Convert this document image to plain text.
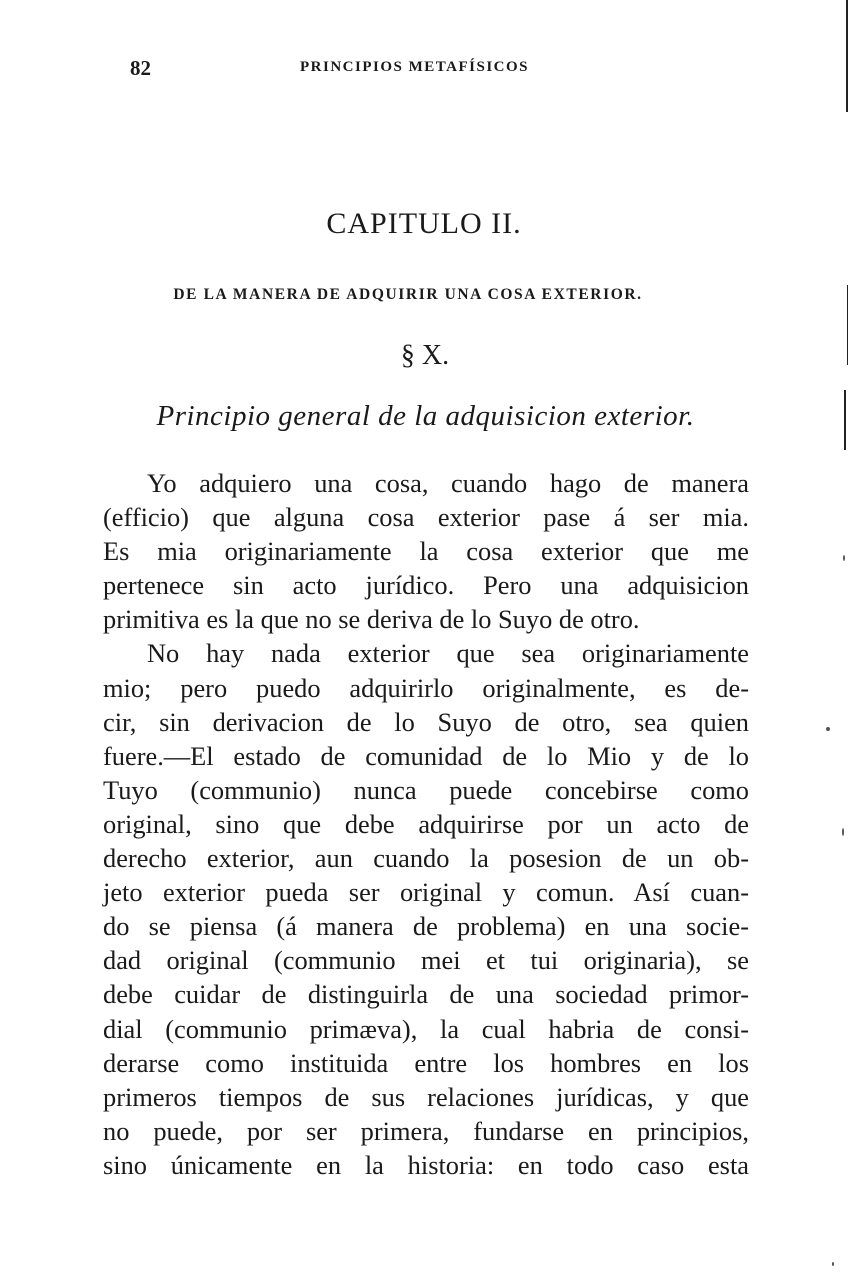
82	PRINCIPIOS METAFÍSICOS
CAPITULO II.
DE LA MANERA DE ADQUIRIR UNA COSA EXTERIOR.
§ X.
Principio general de la adquisicion exterior.
Yo adquiero una cosa, cuando hago de manera
(efficio) que alguna cosa exterior pase á ser mia.
Es mia originariamente la cosa exterior que me
pertenece sin acto jurídico. Pero una adquisicion
primitiva es la que no se deriva de lo Suyo de otro.
No hay nada exterior que sea originariamente
mio; pero puedo adquirirlo originalmente, es de-
cir, sin derivacion de lo Suyo de otro, sea quien
fuere.—El estado de comunidad de lo Mio y de lo
Tuyo (communio) nunca puede concebirse como
original, sino que debe adquirirse por un acto de
derecho exterior, aun cuando la posesion de un ob-
jeto exterior pueda ser original y comun. Así cuan-
do se piensa (á manera de problema) en una socie-
dad original (communio mei et tui originaria), se
debe cuidar de distinguirla de una sociedad primor-
dial (communio primæva), la cual habria de consi-
derarse como instituida entre los hombres en los
primeros tiempos de sus relaciones jurídicas, y que
no puede, por ser primera, fundarse en principios,
sino únicamente en la historia: en todo caso esta
